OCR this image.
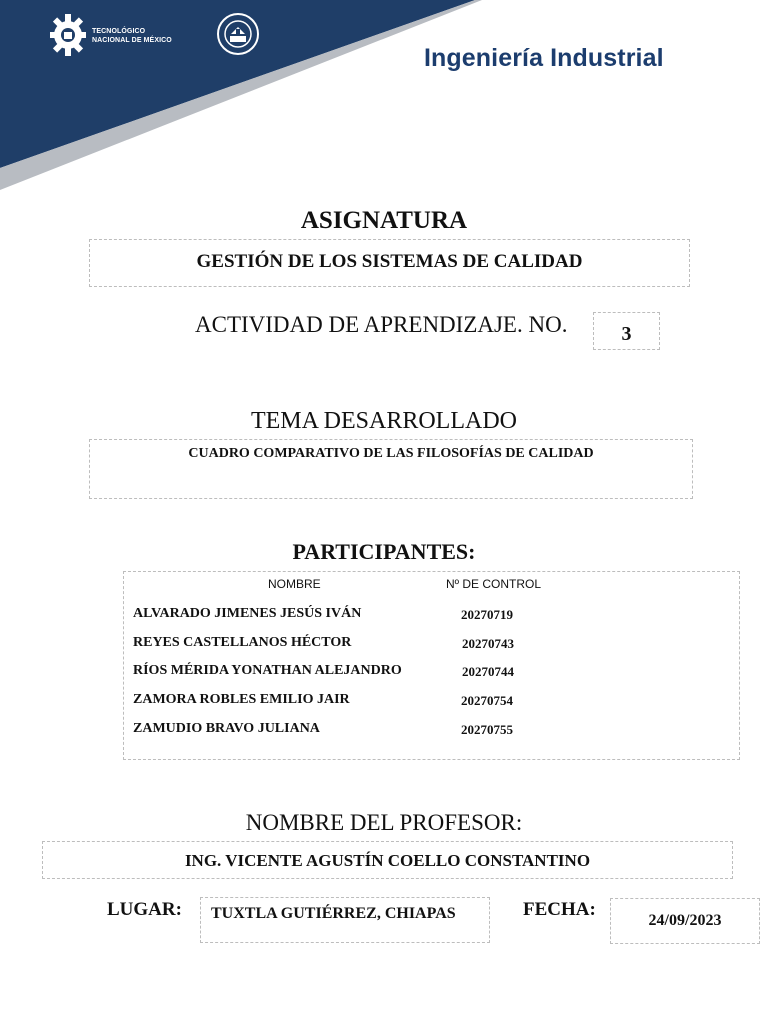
TECNOLÓGICO
NACIONAL DE MÉXICO
Ingeniería Industrial
ASIGNATURA
GESTIÓN DE LOS SISTEMAS DE CALIDAD
ACTIVIDAD DE APRENDIZAJE. NO.	3
TEMA DESARROLLADO
CUADRO COMPARATIVO DE LAS FILOSOFÍAS DE CALIDAD
PARTICIPANTES:
NOMBRE	Nº DE CONTROL
ALVARADO JIMENES JESÚS IVÁN	20270719
REYES CASTELLANOS HÉCTOR	20270743
RÍOS MÉRIDA YONATHAN ALEJANDRO	20270744
ZAMORA ROBLES EMILIO JAIR	20270754
ZAMUDIO BRAVO JULIANA	20270755
NOMBRE DEL PROFESOR:
ING. VICENTE AGUSTÍN COELLO CONSTANTINO
LUGAR: TUXTLA GUTIÉRREZ, CHIAPAS	FECHA:
24/09/2023
